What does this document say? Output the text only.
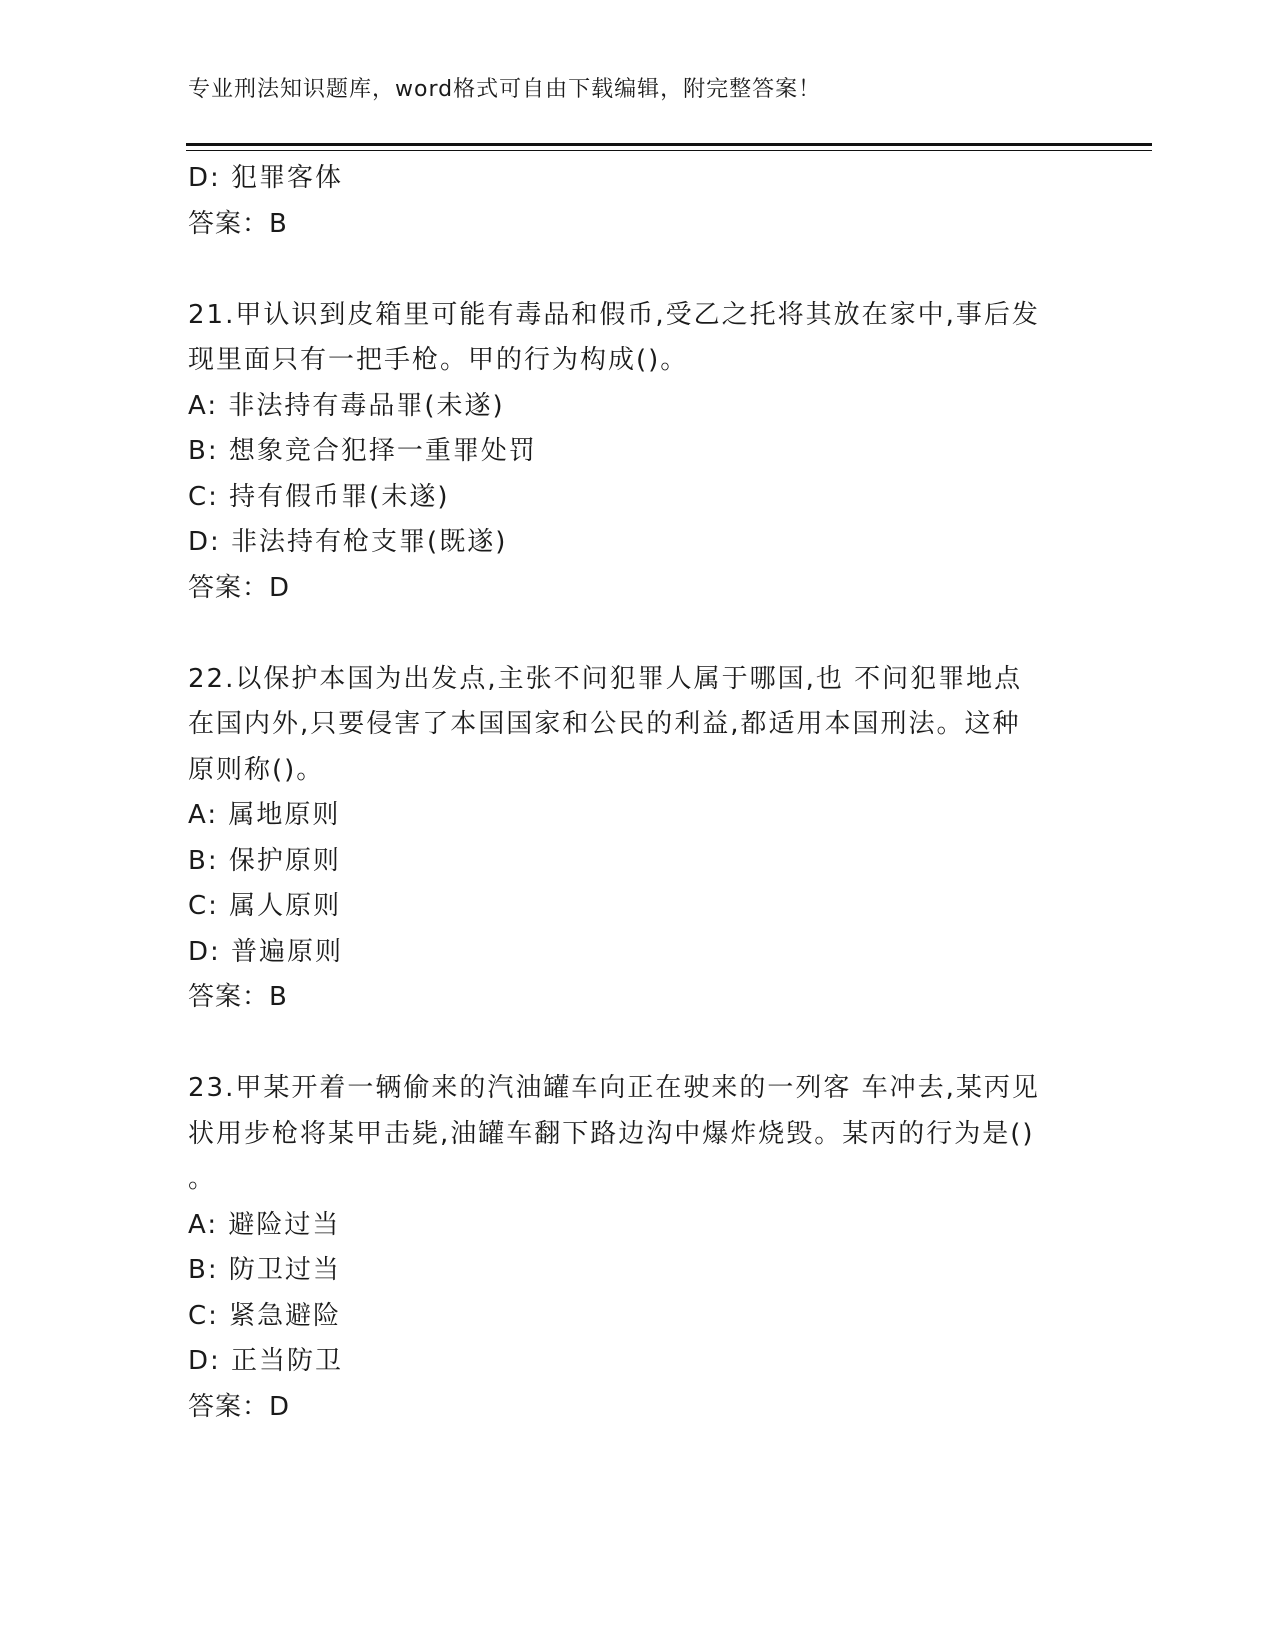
专业刑法知识题库，word格式可自由下载编辑，附完整答案！
D: 犯罪客体
答案：B
21.甲认识到皮箱里可能有毒品和假币,受乙之托将其放在家中,事后发
现里面只有一把手枪。甲的行为构成()。
A: 非法持有毒品罪(未遂)
B: 想象竞合犯择一重罪处罚
C: 持有假币罪(未遂)
D: 非法持有枪支罪(既遂)
答案：D
22.以保护本国为出发点,主张不问犯罪人属于哪国,也 不问犯罪地点
在国内外,只要侵害了本国国家和公民的利益,都适用本国刑法。这种
原则称()。
A: 属地原则
B: 保护原则
C: 属人原则
D: 普遍原则
答案：B
23.甲某开着一辆偷来的汽油罐车向正在驶来的一列客 车冲去,某丙见
状用步枪将某甲击毙,油罐车翻下路边沟中爆炸烧毁。某丙的行为是()
。
A: 避险过当
B: 防卫过当
C: 紧急避险
D: 正当防卫
答案：D
